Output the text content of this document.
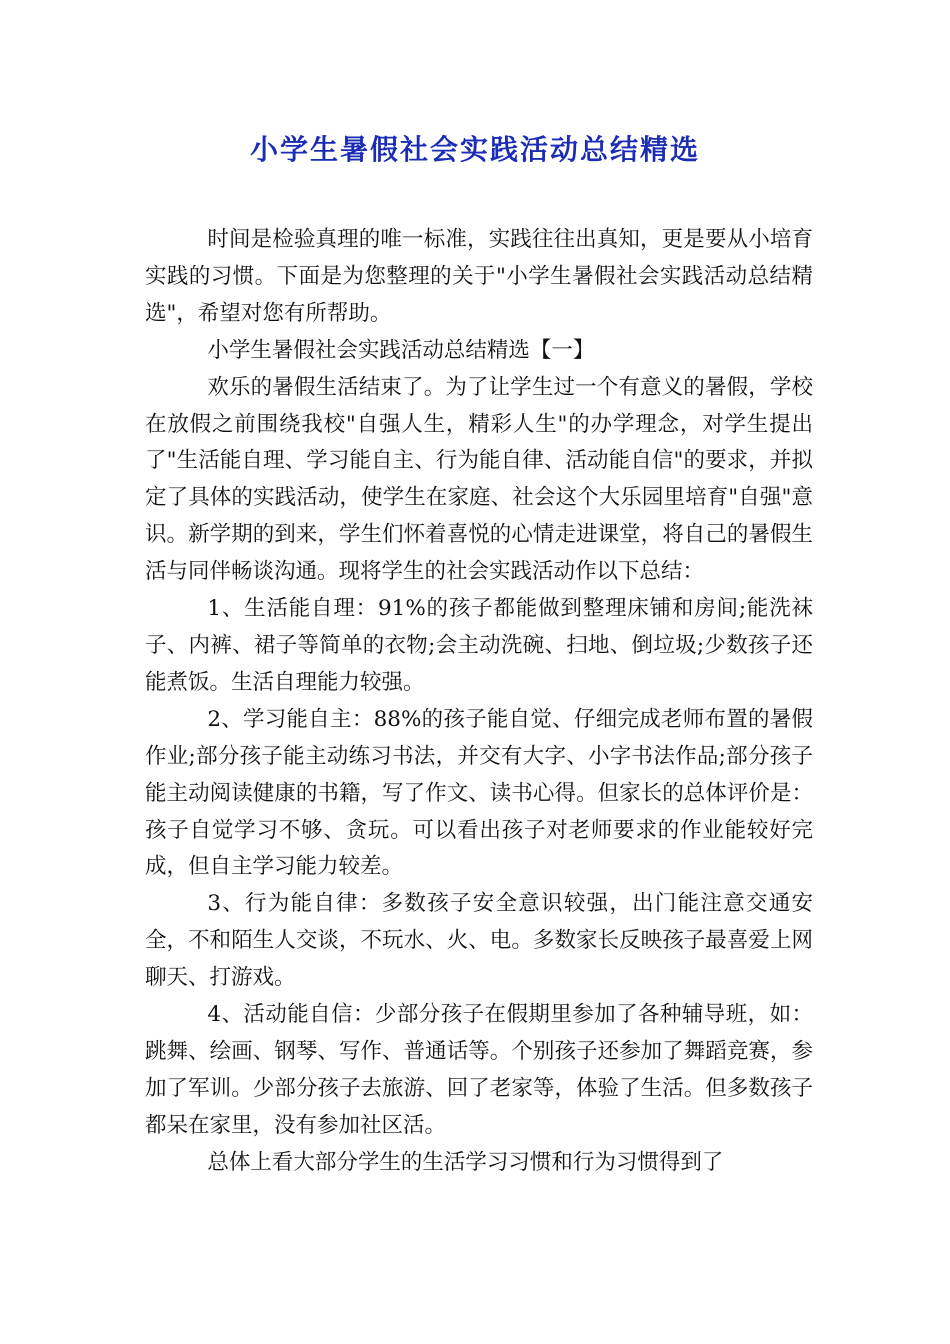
小学生暑假社会实践活动总结精选

时间是检验真理的唯一标准，实践往往出真知，更是要从小培育实践的习惯。下面是为您整理的关于"小学生暑假社会实践活动总结精选"，希望对您有所帮助。

小学生暑假社会实践活动总结精选【一】

欢乐的暑假生活结束了。为了让学生过一个有意义的暑假，学校在放假之前围绕我校"自强人生，精彩人生"的办学理念，对学生提出了"生活能自理、学习能自主、行为能自律、活动能自信"的要求，并拟定了具体的实践活动，使学生在家庭、社会这个大乐园里培育"自强"意识。新学期的到来，学生们怀着喜悦的心情走进课堂，将自己的暑假生活与同伴畅谈沟通。现将学生的社会实践活动作以下总结：

1、生活能自理：91%的孩子都能做到整理床铺和房间;能洗袜子、内裤、裙子等简单的衣物;会主动洗碗、扫地、倒垃圾;少数孩子还能煮饭。生活自理能力较强。

2、学习能自主：88%的孩子能自觉、仔细完成老师布置的暑假作业;部分孩子能主动练习书法，并交有大字、小字书法作品;部分孩子能主动阅读健康的书籍，写了作文、读书心得。但家长的总体评价是：孩子自觉学习不够、贪玩。可以看出孩子对老师要求的作业能较好完成，但自主学习能力较差。

3、行为能自律：多数孩子安全意识较强，出门能注意交通安全，不和陌生人交谈，不玩水、火、电。多数家长反映孩子最喜爱上网聊天、打游戏。

4、活动能自信：少部分孩子在假期里参加了各种辅导班，如：跳舞、绘画、钢琴、写作、普通话等。个别孩子还参加了舞蹈竞赛，参加了军训。少部分孩子去旅游、回了老家等，体验了生活。但多数孩子都呆在家里，没有参加社区活。

总体上看大部分学生的生活学习习惯和行为习惯得到了
